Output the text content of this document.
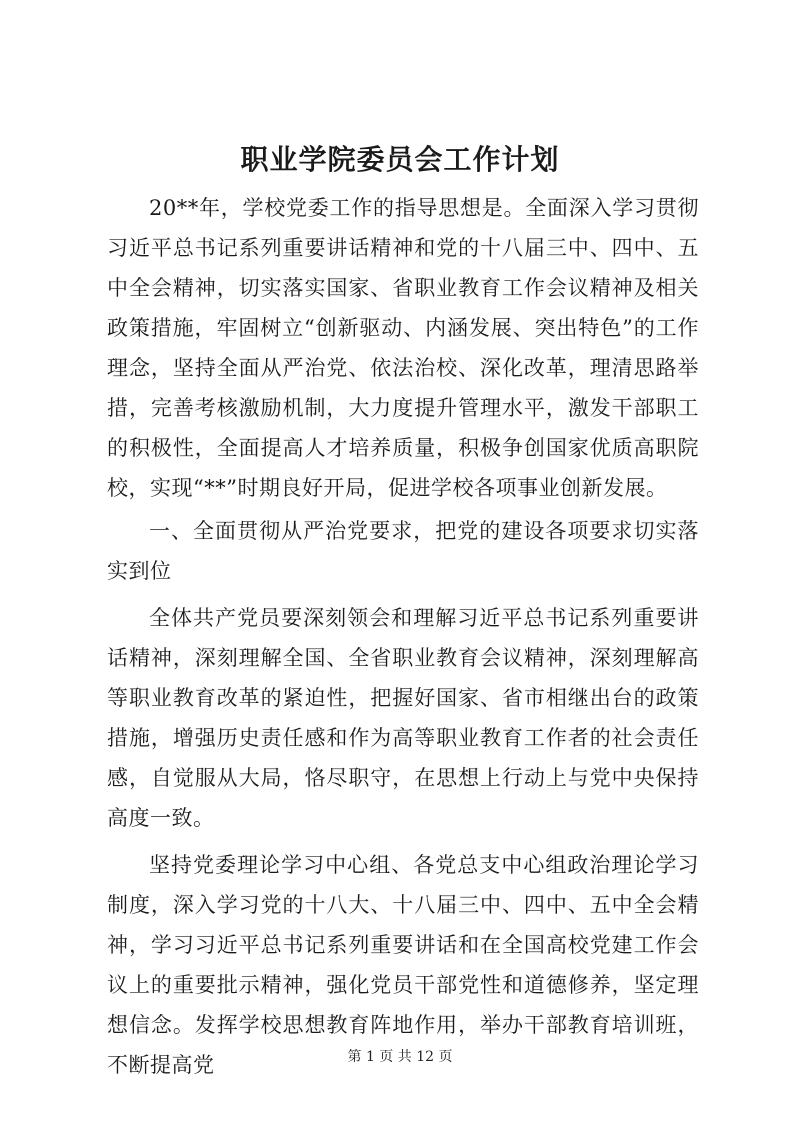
职业学院委员会工作计划

20**年，学校党委工作的指导思想是。全面深入学习贯彻习近平总书记系列重要讲话精神和党的十八届三中、四中、五中全会精神，切实落实国家、省职业教育工作会议精神及相关政策措施，牢固树立“创新驱动、内涵发展、突出特色”的工作理念，坚持全面从严治党、依法治校、深化改革，理清思路举措，完善考核激励机制，大力度提升管理水平，激发干部职工的积极性，全面提高人才培养质量，积极争创国家优质高职院校，实现“**”时期良好开局，促进学校各项事业创新发展。

一、全面贯彻从严治党要求，把党的建设各项要求切实落实到位

全体共产党员要深刻领会和理解习近平总书记系列重要讲话精神，深刻理解全国、全省职业教育会议精神，深刻理解高等职业教育改革的紧迫性，把握好国家、省市相继出台的政策措施，增强历史责任感和作为高等职业教育工作者的社会责任感，自觉服从大局，恪尽职守，在思想上行动上与党中央保持高度一致。

坚持党委理论学习中心组、各党总支中心组政治理论学习制度，深入学习党的十八大、十八届三中、四中、五中全会精神，学习习近平总书记系列重要讲话和在全国高校党建工作会议上的重要批示精神，强化党员干部党性和道德修养，坚定理想信念。发挥学校思想教育阵地作用，举办干部教育培训班，不断提高党	第 1 页 共 12 页
